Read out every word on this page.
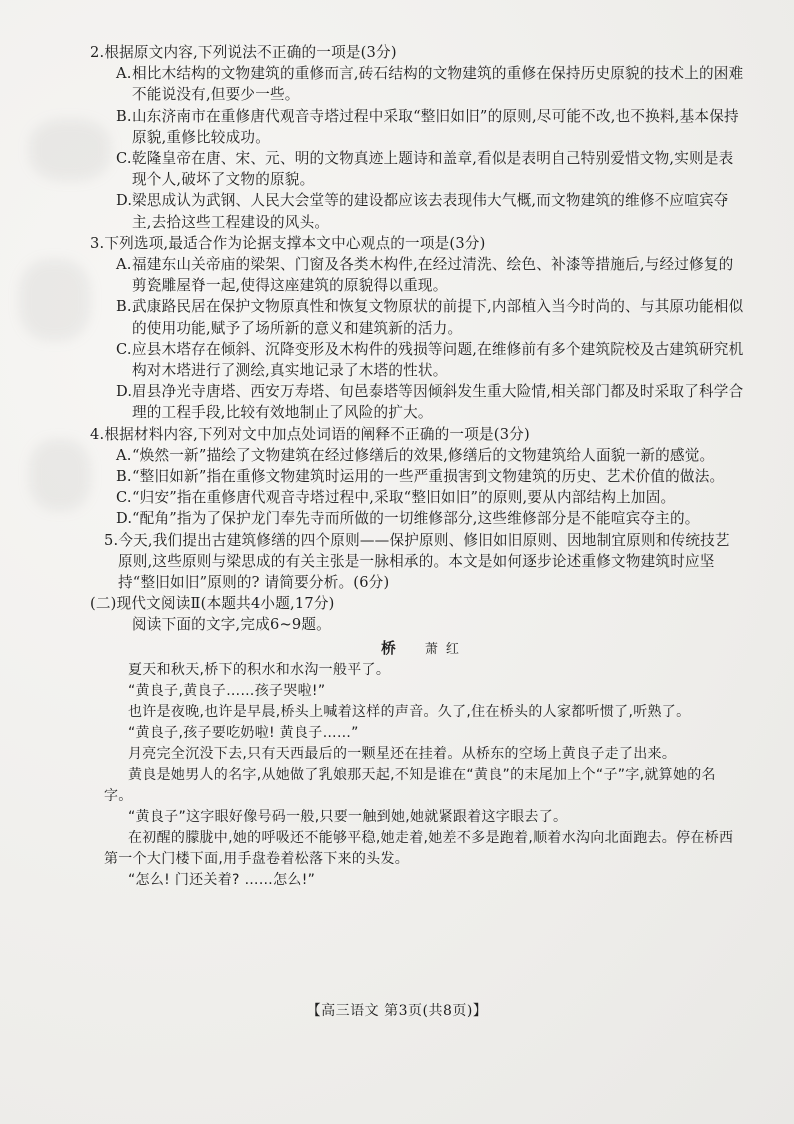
2.根据原文内容,下列说法不正确的一项是(3分)

A.相比木结构的文物建筑的重修而言,砖石结构的文物建筑的重修在保持历史原貌的技术上的困难不能说没有,但要少一些。

B.山东济南市在重修唐代观音寺塔过程中采取“整旧如旧”的原则,尽可能不改,也不换料,基本保持原貌,重修比较成功。

C.乾隆皇帝在唐、宋、元、明的文物真迹上题诗和盖章,看似是表明自己特别爱惜文物,实则是表现个人,破坏了文物的原貌。

D.梁思成认为武钢、人民大会堂等的建设都应该去表现伟大气概,而文物建筑的维修不应喧宾夺主,去拾这些工程建设的风头。

3.下列选项,最适合作为论据支撑本文中心观点的一项是(3分)

A.福建东山关帝庙的梁架、门窗及各类木构件,在经过清洗、绘色、补漆等措施后,与经过修复的剪瓷雕屋脊一起,使得这座建筑的原貌得以重现。

B.武康路民居在保护文物原真性和恢复文物原状的前提下,内部植入当今时尚的、与其原功能相似的使用功能,赋予了场所新的意义和建筑新的活力。

C.应县木塔存在倾斜、沉降变形及木构件的残损等问题,在维修前有多个建筑院校及古建筑研究机构对木塔进行了测绘,真实地记录了木塔的性状。

D.眉县净光寺唐塔、西安万寿塔、旬邑泰塔等因倾斜发生重大险情,相关部门都及时采取了科学合理的工程手段,比较有效地制止了风险的扩大。

4.根据材料内容,下列对文中加点处词语的阐释不正确的一项是(3分)

A.“焕然一新”描绘了文物建筑在经过修缮后的效果,修缮后的文物建筑给人面貌一新的感觉。

B.“整旧如新”指在重修文物建筑时运用的一些严重损害到文物建筑的历史、艺术价值的做法。

C.“归安”指在重修唐代观音寺塔过程中,采取“整旧如旧”的原则,要从内部结构上加固。

D.“配角”指为了保护龙门奉先寺而所做的一切维修部分,这些维修部分是不能喧宾夺主的。

5.今天,我们提出古建筑修缮的四个原则——保护原则、修旧如旧原则、因地制宜原则和传统技艺原则,这些原则与梁思成的有关主张是一脉相承的。本文是如何逐步论述重修文物建筑时应坚持“整旧如旧”原则的? 请简要分析。(6分)

(二)现代文阅读Ⅱ(本题共4小题,17分)

阅读下面的文字,完成6~9题。

桥 萧红

夏天和秋天,桥下的积水和水沟一般平了。

“黄良子,黄良子……孩子哭啦!”

也许是夜晚,也许是早晨,桥头上喊着这样的声音。久了,住在桥头的人家都听惯了,听熟了。

“黄良子,孩子要吃奶啦! 黄良子……”

月亮完全沉没下去,只有天西最后的一颗星还在挂着。从桥东的空场上黄良子走了出来。

黄良是她男人的名字,从她做了乳娘那天起,不知是谁在“黄良”的末尾加上个“子”字,就算她的名字。

“黄良子”这字眼好像号码一般,只要一触到她,她就紧跟着这字眼去了。

在初醒的朦胧中,她的呼吸还不能够平稳,她走着,她差不多是跑着,顺着水沟向北面跑去。停在桥西第一个大门楼下面,用手盘卷着松落下来的头发。

“怎么! 门还关着? ……怎么!”

【高三语文 第3页(共8页)】
